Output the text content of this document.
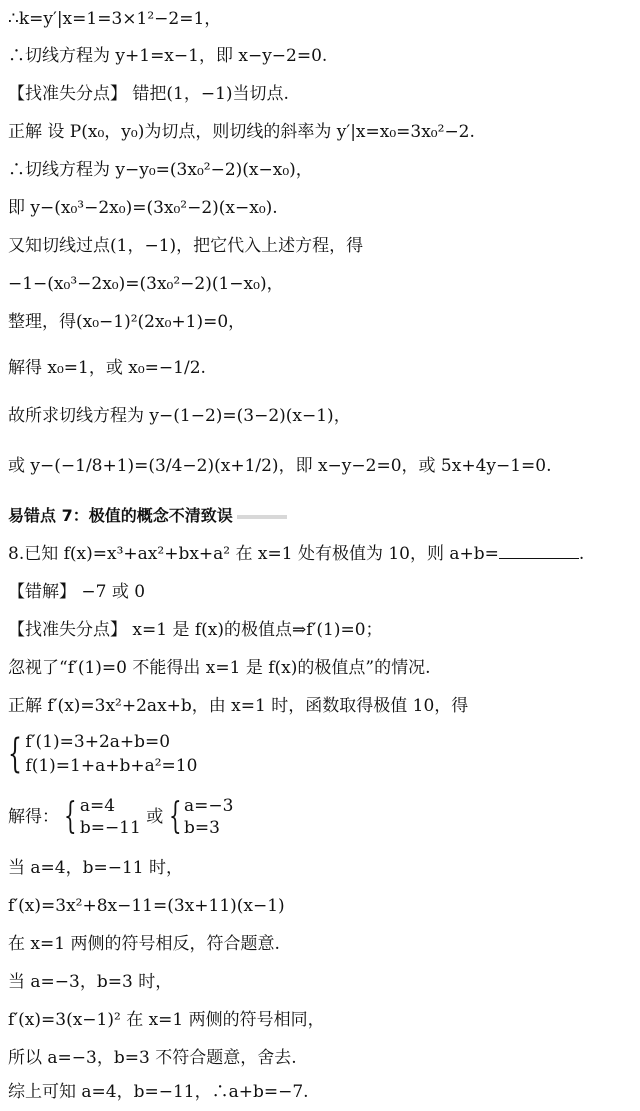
∴k=y′|x=1=3×1²−2=1，
∴切线方程为 y+1=x−1，即 x−y−2=0.
【找准失分点】 错把(1，−1)当切点.
正解 设 P(x₀，y₀)为切点，则切线的斜率为 y′|x=x₀=3x₀²−2.
∴切线方程为 y−y₀=(3x₀²−2)(x−x₀)，
即 y−(x₀³−2x₀)=(3x₀²−2)(x−x₀).
又知切线过点(1，−1)，把它代入上述方程，得
−1−(x₀³−2x₀)=(3x₀²−2)(1−x₀)，
整理，得(x₀−1)²(2x₀+1)=0，
解得 x₀=1，或 x₀=−1/2.
故所求切线方程为 y−(1−2)=(3−2)(x−1)，
或 y−(−1/8+1)=(3/4−2)(x+1/2)，即 x−y−2=0，或 5x+4y−1=0.
易错点 7：极值的概念不清致误
8.已知 f(x)=x³+ax²+bx+a² 在 x=1 处有极值为 10，则 a+b=	.
【错解】 −7 或 0
【找准失分点】 x=1 是 f(x)的极值点⇒f′(1)=0；
忽视了“f′(1)=0 不能得出 x=1 是 f(x)的极值点”的情况.
正解 f′(x)=3x²+2ax+b，由 x=1 时，函数取得极值 10，得
{ f′(1)=3+2a+b=0
f(1)=1+a+b+a²=10
解得： { a=4
b=−11
或 { a=−3
b=3
当 a=4，b=−11 时，
f′(x)=3x²+8x−11=(3x+11)(x−1)
在 x=1 两侧的符号相反，符合题意.
当 a=−3，b=3 时，
f′(x)=3(x−1)² 在 x=1 两侧的符号相同，
所以 a=−3，b=3 不符合题意，舍去.
综上可知 a=4，b=−11，∴a+b=−7.
